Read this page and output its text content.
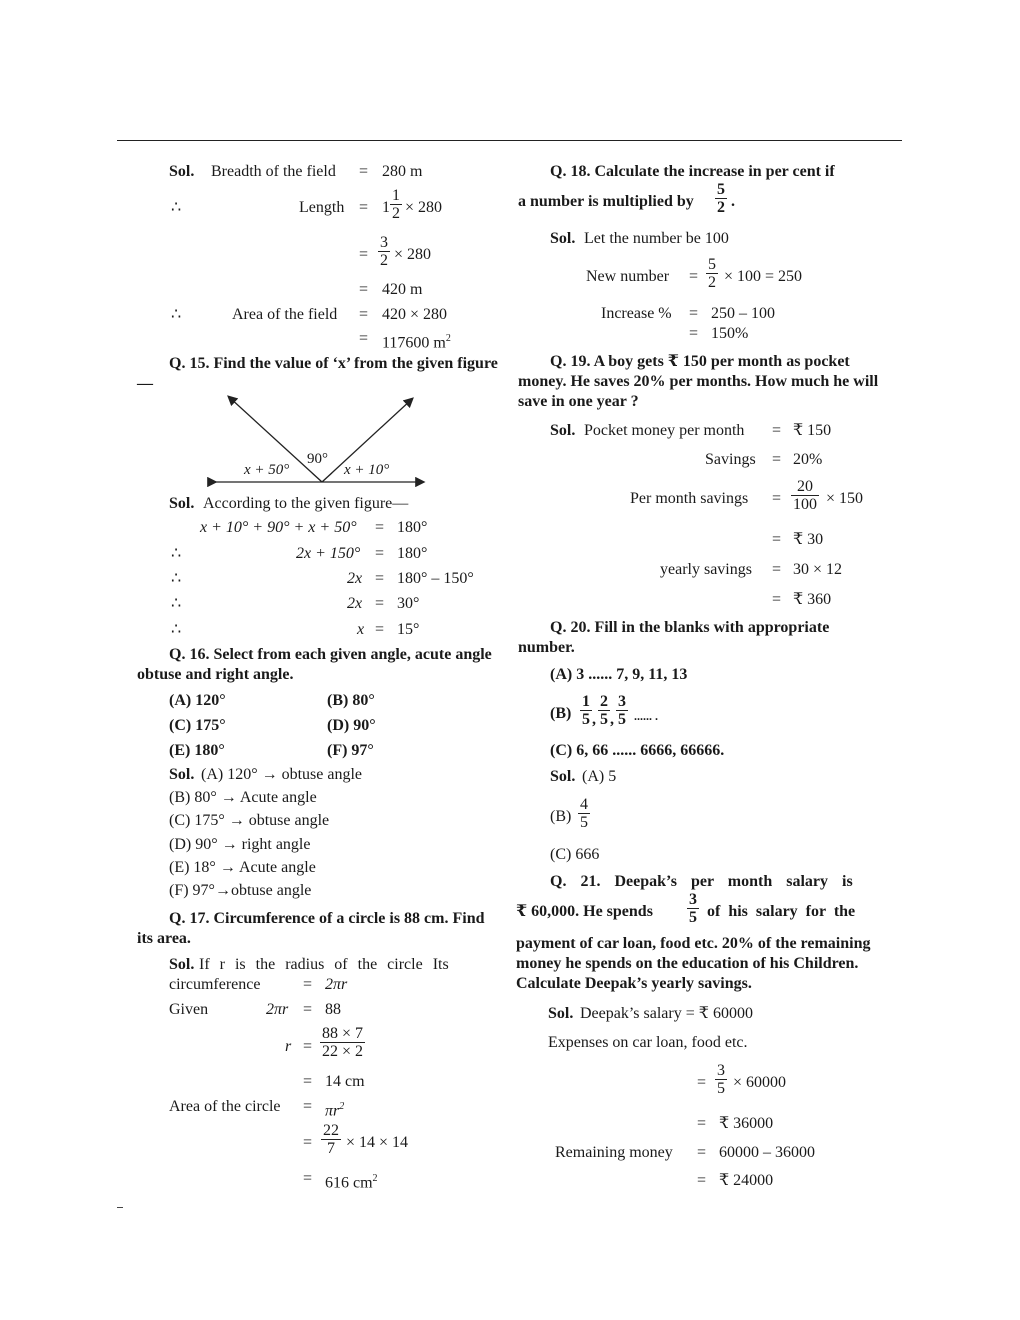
Sol. Breadth of the field = 280 m
∴	Length = $1 \frac{1}{2} \times 280$
= $\frac{3}{2} \times 280$
= 420 m
∴	Area of the field = 420 × 280
= 117600 $m^2$
Q. 15. Find the value of ‘x’ from the given figure—
90°
x + 50°	x + 10°
Sol. According to the given figure—
x + 10° + 90° + x + 50° = 180°
∴	2x + 150° = 180°
∴	2x = 180° – 150°
∴	2x = 30°
∴	x = 15°
Q. 16. Select from each given angle, acute angle obtuse and right angle.
(A) 120°	(B) 80°
(C) 175°	(D) 90°
(E) 180°	(F) 97°
Sol. (A) 120° → obtuse angle
(B) 80° → Acute angle
(C) 175° → obtuse angle
(D) 90° → right angle
(E) 18° → Acute angle
(F) 97°→obtuse angle
Q. 17. Circumference of a circle is 88 cm. Find its area.
Sol. If r is the radius of the circle Its
circumference	= 2πr
Given	2πr = 88
$r = \frac{88 \times 7}{22 \times 2}$
= 14 cm
Area of the circle = $\pi r^2$
= $\frac{22}{7} \times 14 \times 14$
= 616 $cm^2$
Q. 18. Calculate the increase in per cent if
a number is multiplied by $\frac{5}{2}$ .
Sol. Let the number be 100
New number = $\frac{5}{2} \times 100 = 250$
Increase % = 250 – 100
= 150%
Q. 19. A boy gets ₹ 150 per month as pocket money. He saves 20% per months. How much he will save in one year ?
Sol. Pocket money per month = ₹ 150
Savings = 20%
Per month savings = $\frac{20}{100} \times 150$
= ₹ 30
yearly savings = 30 × 12
= ₹ 360
Q. 20. Fill in the blanks with appropriate number.
(A) 3 ...... 7, 9, 11, 13
$(B) \frac{1}{5}$ , $\frac{2}{5}$ , $\frac{3}{5}$ ...... .
(C) 6, 66 ...... 6666, 66666.
Sol. (A) 5
$(B) \frac{4}{5}$
(C) 666
Q. 21. Deepak’s per month salary is
₹ 60,000. He spends $\frac{3}{5}$ of his salary for the
payment of car loan, food etc. 20% of the remaining money he spends on the education of his Children. Calculate Deepak’s yearly savings.
Sol. Deepak’s salary = ₹ 60000
Expenses on car loan, food etc.
= $\frac{3}{5} \times 60000$
= ₹ 36000
Remaining money = 60000 – 36000
= ₹ 24000
